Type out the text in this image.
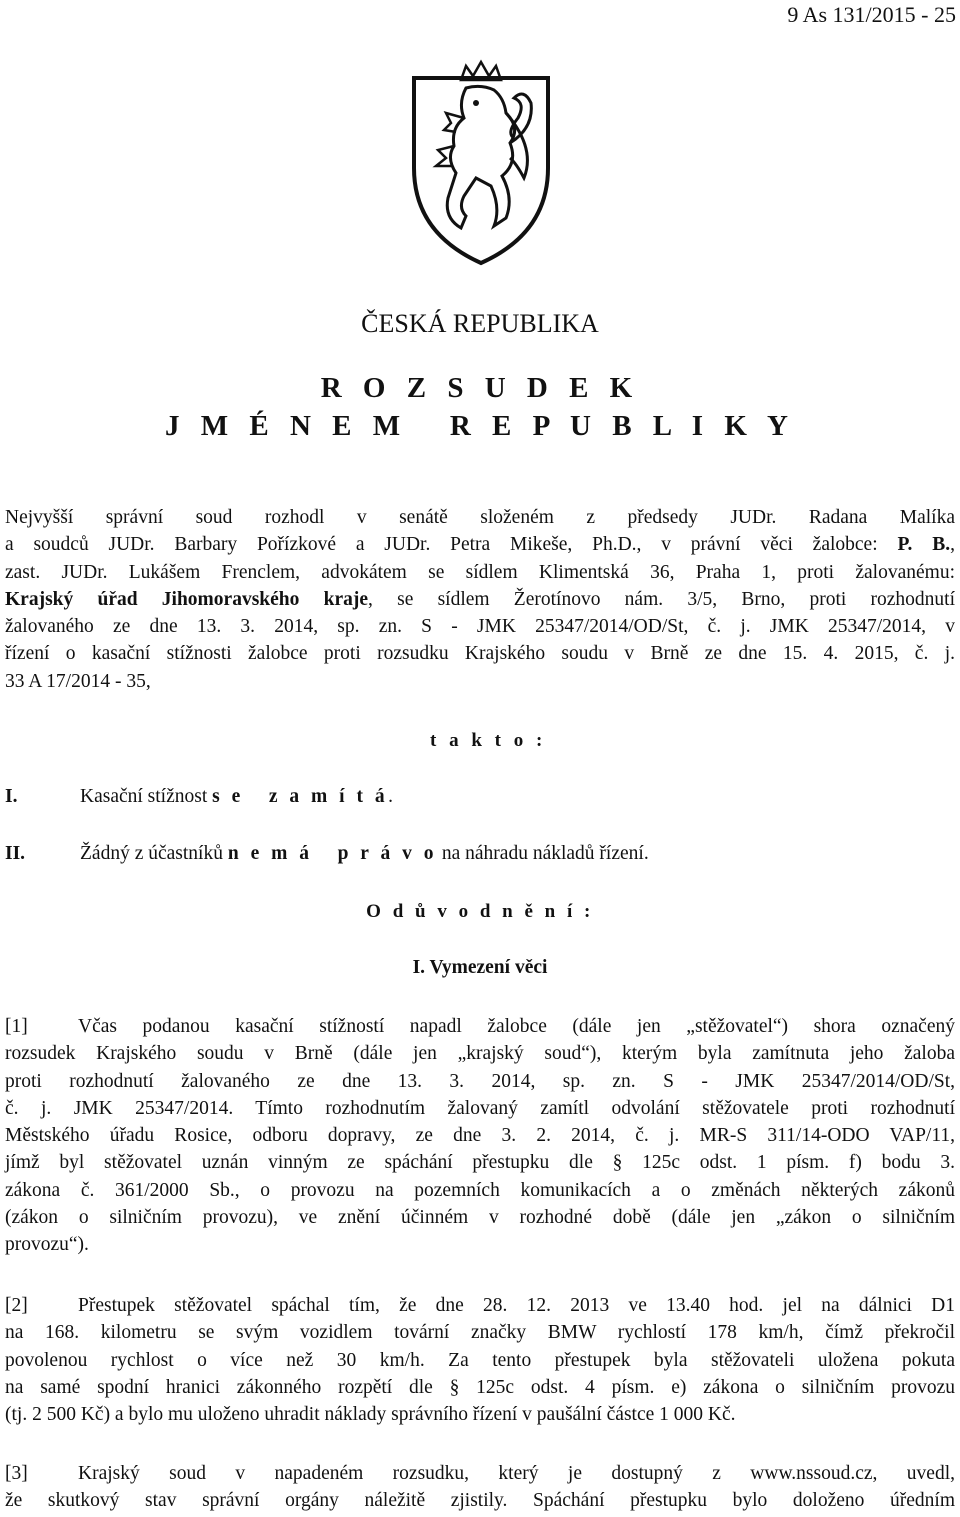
9 As 131/2015 - 25
ČESKÁ REPUBLIKA
R O Z S U D E K
J M É N E M   R E P U B L I K Y
Nejvyšší správní soud rozhodl v senátě složeném z předsedy JUDr. Radana Malíka
a soudců JUDr. Barbary Pořízkové a JUDr. Petra Mikeše, Ph.D., v právní věci žalobce: P. B.,
zast. JUDr. Lukášem Frenclem, advokátem se sídlem Klimentská 36, Praha 1, proti žalovanému:
Krajský úřad Jihomoravského kraje, se sídlem Žerotínovo nám. 3/5, Brno, proti rozhodnutí
žalovaného ze dne 13. 3. 2014, sp. zn. S - JMK 25347/2014/OD/St, č. j. JMK 25347/2014, v
řízení o kasační stížnosti žalobce proti rozsudku Krajského soudu v Brně ze dne 15. 4. 2015, č. j.
33 A 17/2014 - 35,
t a k t o :
I.	Kasační stížnost s e   z a m í t á.
II.	Žádný z účastníků n e m á   p r á v o na náhradu nákladů řízení.
O d ů v o d n ě n í :
I. Vymezení věci
[1]	Včas podanou kasační stížností napadl žalobce (dále jen „stěžovatel“) shora označený
rozsudek Krajského soudu v Brně (dále jen „krajský soud“), kterým byla zamítnuta jeho žaloba
proti rozhodnutí žalovaného ze dne 13. 3. 2014, sp. zn. S - JMK 25347/2014/OD/St,
č. j. JMK 25347/2014. Tímto rozhodnutím žalovaný zamítl odvolání stěžovatele proti rozhodnutí
Městského úřadu Rosice, odboru dopravy, ze dne 3. 2. 2014, č. j. MR-S 311/14-ODO VAP/11,
jímž byl stěžovatel uznán vinným ze spáchání přestupku dle § 125c odst. 1 písm. f) bodu 3.
zákona č. 361/2000 Sb., o provozu na pozemních komunikacích a o změnách některých zákonů
(zákon o silničním provozu), ve znění účinném v rozhodné době (dále jen „zákon o silničním
provozu“).
[2]	Přestupek stěžovatel spáchal tím, že dne 28. 12. 2013 ve 13.40 hod. jel na dálnici D1
na 168. kilometru se svým vozidlem tovární značky BMW rychlostí 178 km/h, čímž překročil
povolenou rychlost o více než 30 km/h. Za tento přestupek byla stěžovateli uložena pokuta
na samé spodní hranici zákonného rozpětí dle § 125c odst. 4 písm. e) zákona o silničním provozu
(tj. 2 500 Kč) a bylo mu uloženo uhradit náklady správního řízení v paušální částce 1 000 Kč.
[3]	Krajský soud v napadeném rozsudku, který je dostupný z www.nssoud.cz, uvedl,
že skutkový stav správní orgány náležitě zjistily. Spáchání přestupku bylo doloženo úředním
